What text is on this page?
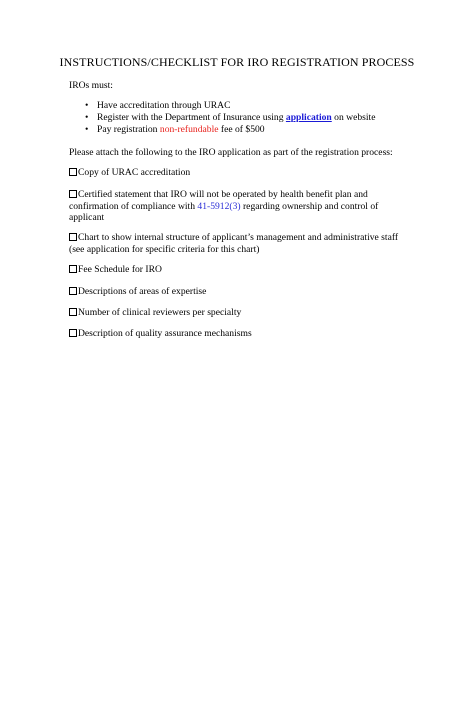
INSTRUCTIONS/CHECKLIST FOR IRO REGISTRATION PROCESS
IROs must:
• Have accreditation through URAC
• Register with the Department of Insurance using application on website
• Pay registration non-refundable fee of $500
Please attach the following to the IRO application as part of the registration process:
Copy of URAC accreditation
Certified statement that IRO will not be operated by health benefit plan and confirmation of compliance with 41-5912(3) regarding ownership and control of applicant
Chart to show internal structure of applicant’s management and administrative staff (see application for specific criteria for this chart)
Fee Schedule for IRO
Descriptions of areas of expertise
Number of clinical reviewers per specialty
Description of quality assurance mechanisms
